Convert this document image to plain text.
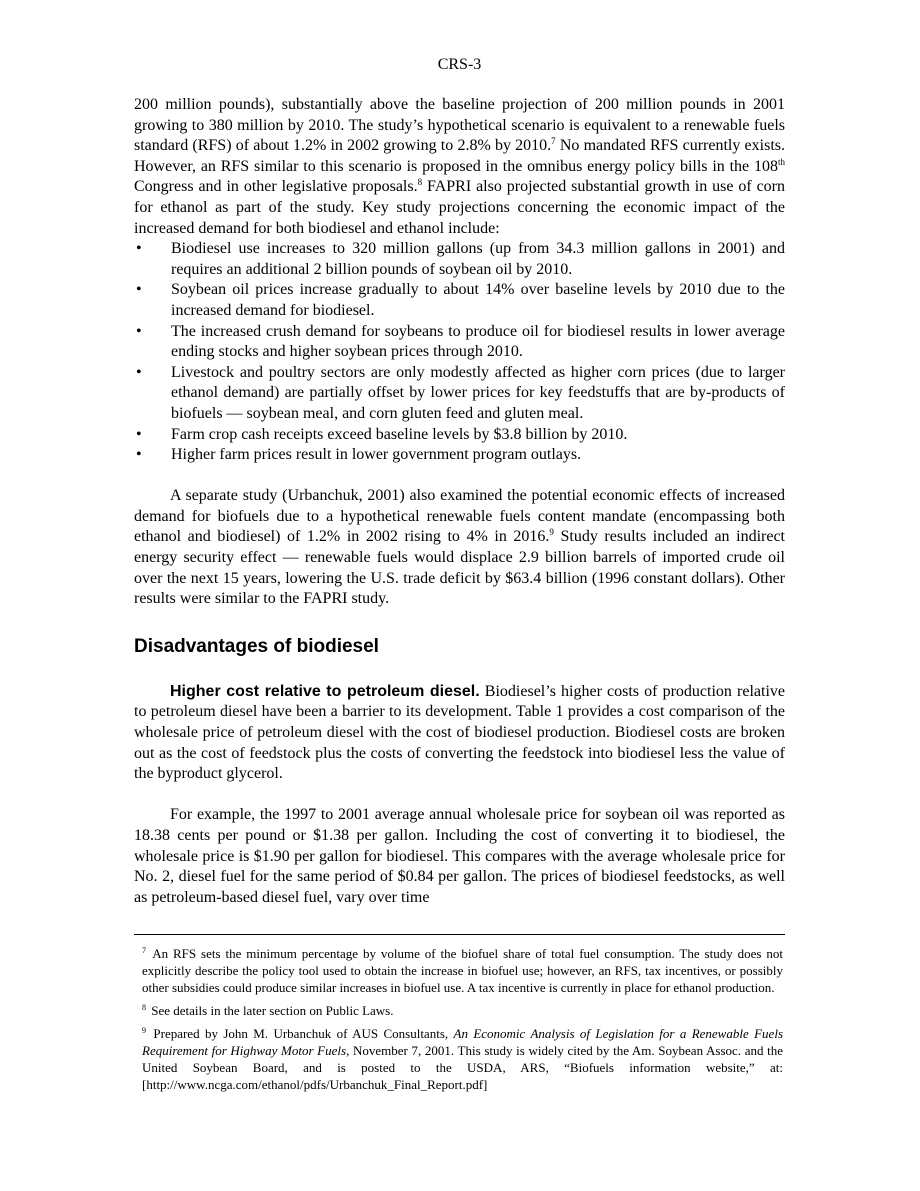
CRS-3

200 million pounds), substantially above the baseline projection of 200 million pounds in 2001 growing to 380 million by 2010. The study’s hypothetical scenario is equivalent to a renewable fuels standard (RFS) of about 1.2% in 2002 growing to 2.8% by 2010.$^7$ No mandated RFS currently exists. However, an RFS similar to this scenario is proposed in the omnibus energy policy bills in the 108th Congress and in other legislative proposals.$^8$ FAPRI also projected substantial growth in use of corn for ethanol as part of the study. Key study projections concerning the economic impact of the increased demand for both biodiesel and ethanol include:

• Biodiesel use increases to 320 million gallons (up from 34.3 million gallons in 2001) and requires an additional 2 billion pounds of soybean oil by 2010.
• Soybean oil prices increase gradually to about 14% over baseline levels by 2010 due to the increased demand for biodiesel.
• The increased crush demand for soybeans to produce oil for biodiesel results in lower average ending stocks and higher soybean prices through 2010.
• Livestock and poultry sectors are only modestly affected as higher corn prices (due to larger ethanol demand) are partially offset by lower prices for key feedstuffs that are by-products of biofuels — soybean meal, and corn gluten feed and gluten meal.
• Farm crop cash receipts exceed baseline levels by $3.8 billion by 2010.
• Higher farm prices result in lower government program outlays.

A separate study (Urbanchuk, 2001) also examined the potential economic effects of increased demand for biofuels due to a hypothetical renewable fuels content mandate (encompassing both ethanol and biodiesel) of 1.2% in 2002 rising to 4% in 2016.$^9$ Study results included an indirect energy security effect — renewable fuels would displace 2.9 billion barrels of imported crude oil over the next 15 years, lowering the U.S. trade deficit by $63.4 billion (1996 constant dollars). Other results were similar to the FAPRI study.

Disadvantages of biodiesel

Higher cost relative to petroleum diesel. Biodiesel’s higher costs of production relative to petroleum diesel have been a barrier to its development. Table 1 provides a cost comparison of the wholesale price of petroleum diesel with the cost of biodiesel production. Biodiesel costs are broken out as the cost of feedstock plus the costs of converting the feedstock into biodiesel less the value of the byproduct glycerol.

For example, the 1997 to 2001 average annual wholesale price for soybean oil was reported as 18.38 cents per pound or $1.38 per gallon. Including the cost of converting it to biodiesel, the wholesale price is $1.90 per gallon for biodiesel. This compares with the average wholesale price for No. 2, diesel fuel for the same period of $0.84 per gallon. The prices of biodiesel feedstocks, as well as petroleum-based diesel fuel, vary over time

$^7$ An RFS sets the minimum percentage by volume of the biofuel share of total fuel consumption. The study does not explicitly describe the policy tool used to obtain the increase in biofuel use; however, an RFS, tax incentives, or possibly other subsidies could produce similar increases in biofuel use. A tax incentive is currently in place for ethanol production.

$^8$ See details in the later section on Public Laws.

$^9$ Prepared by John M. Urbanchuk of AUS Consultants, An Economic Analysis of Legislation for a Renewable Fuels Requirement for Highway Motor Fuels, November 7, 2001. This study is widely cited by the Am. Soybean Assoc. and the United Soybean Board, and is posted to the USDA, ARS, “Biofuels information website,” at: [http://www.ncga.com/ethanol/pdfs/Urbanchuk_Final_Report.pdf]
